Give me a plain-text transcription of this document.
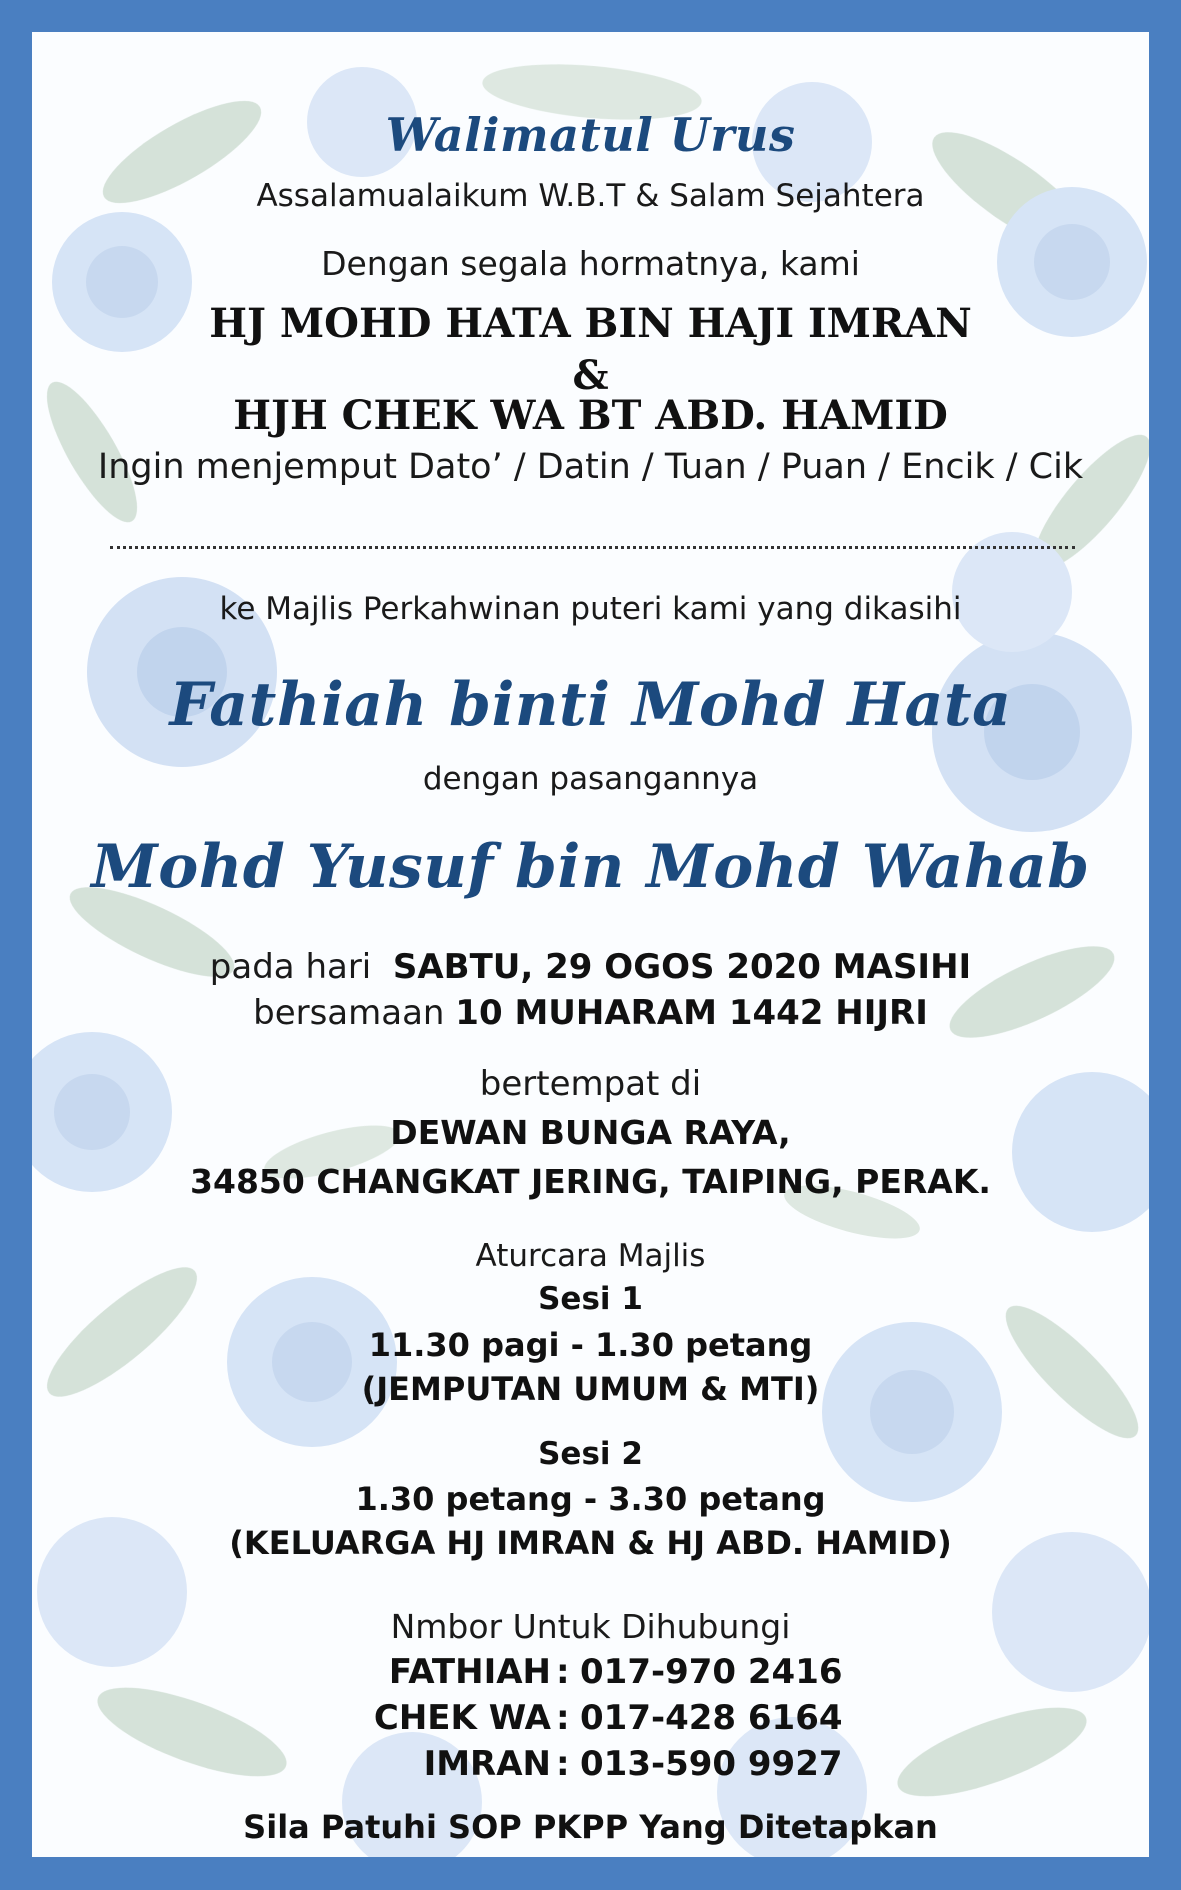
Walimatul Urus
Assalamualaikum W.B.T & Salam Sejahtera
Dengan segala hormatnya, kami
HJ MOHD HATA BIN HAJI IMRAN
&
HJH CHEK WA BT ABD. HAMID
Ingin menjemput Dato’ / Datin / Tuan / Puan / Encik / Cik
ke Majlis Perkahwinan puteri kami yang dikasihi
Fathiah binti Mohd Hata
dengan pasangannya
Mohd Yusuf bin Mohd Wahab
pada hari SABTU, 29 OGOS 2020 MASIHI
bersamaan 10 MUHARAM 1442 HIJRI
bertempat di
DEWAN BUNGA RAYA,
34850 CHANGKAT JERING, TAIPING, PERAK.
Aturcara Majlis
Sesi 1
11.30 pagi - 1.30 petang
(JEMPUTAN UMUM & MTI)
Sesi 2
1.30 petang - 3.30 petang
(KELUARGA HJ IMRAN & HJ ABD. HAMID)
Nmbor Untuk Dihubungi
FATHIAH : 017-970 2416
CHEK WA : 017-428 6164
IMRAN : 013-590 9927
Sila Patuhi SOP PKPP Yang Ditetapkan
